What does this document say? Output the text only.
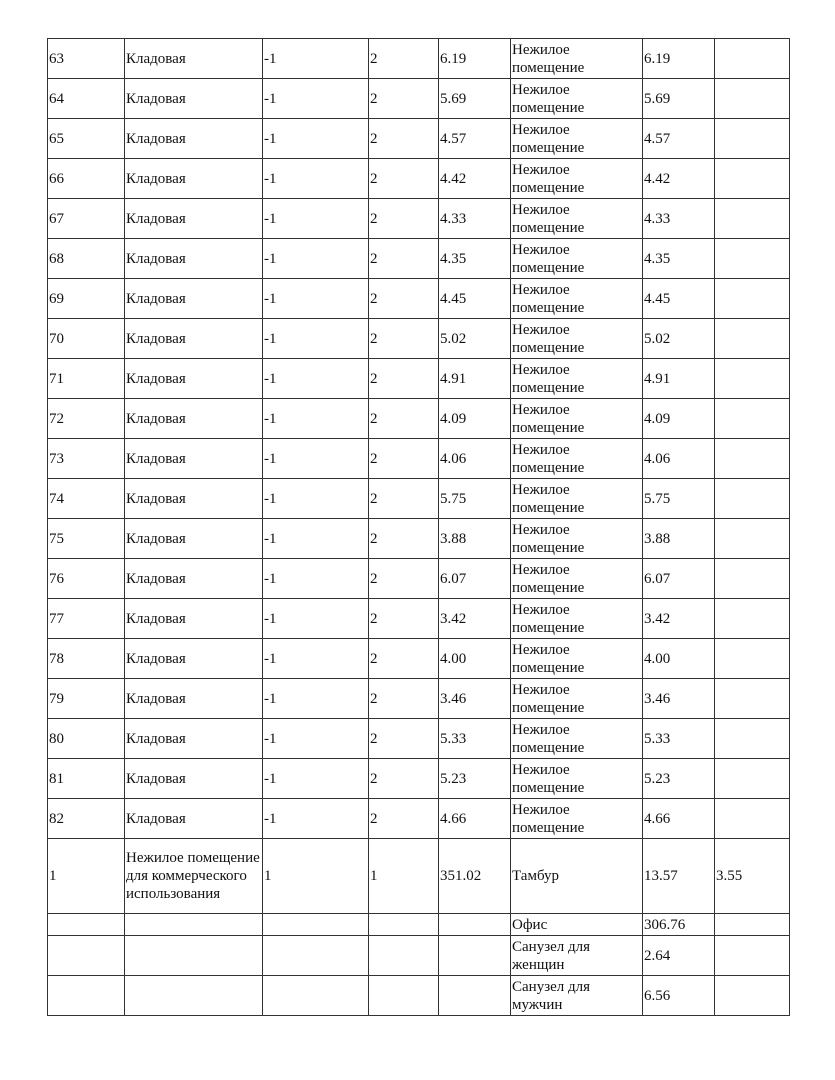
63	Кладовая	-1	2	6.19	Нежилое помещение	6.19	
64	Кладовая	-1	2	5.69	Нежилое помещение	5.69	
65	Кладовая	-1	2	4.57	Нежилое помещение	4.57	
66	Кладовая	-1	2	4.42	Нежилое помещение	4.42	
67	Кладовая	-1	2	4.33	Нежилое помещение	4.33	
68	Кладовая	-1	2	4.35	Нежилое помещение	4.35	
69	Кладовая	-1	2	4.45	Нежилое помещение	4.45	
70	Кладовая	-1	2	5.02	Нежилое помещение	5.02	
71	Кладовая	-1	2	4.91	Нежилое помещение	4.91	
72	Кладовая	-1	2	4.09	Нежилое помещение	4.09	
73	Кладовая	-1	2	4.06	Нежилое помещение	4.06	
74	Кладовая	-1	2	5.75	Нежилое помещение	5.75	
75	Кладовая	-1	2	3.88	Нежилое помещение	3.88	
76	Кладовая	-1	2	6.07	Нежилое помещение	6.07	
77	Кладовая	-1	2	3.42	Нежилое помещение	3.42	
78	Кладовая	-1	2	4.00	Нежилое помещение	4.00	
79	Кладовая	-1	2	3.46	Нежилое помещение	3.46	
80	Кладовая	-1	2	5.33	Нежилое помещение	5.33	
81	Кладовая	-1	2	5.23	Нежилое помещение	5.23	
82	Кладовая	-1	2	4.66	Нежилое помещение	4.66	
1	Нежилое помещение для коммерческого использования	1	1	351.02	Тамбур	13.57	3.55
					Офис	306.76	
					Санузел для женщин	2.64	
					Санузел для мужчин	6.56	
